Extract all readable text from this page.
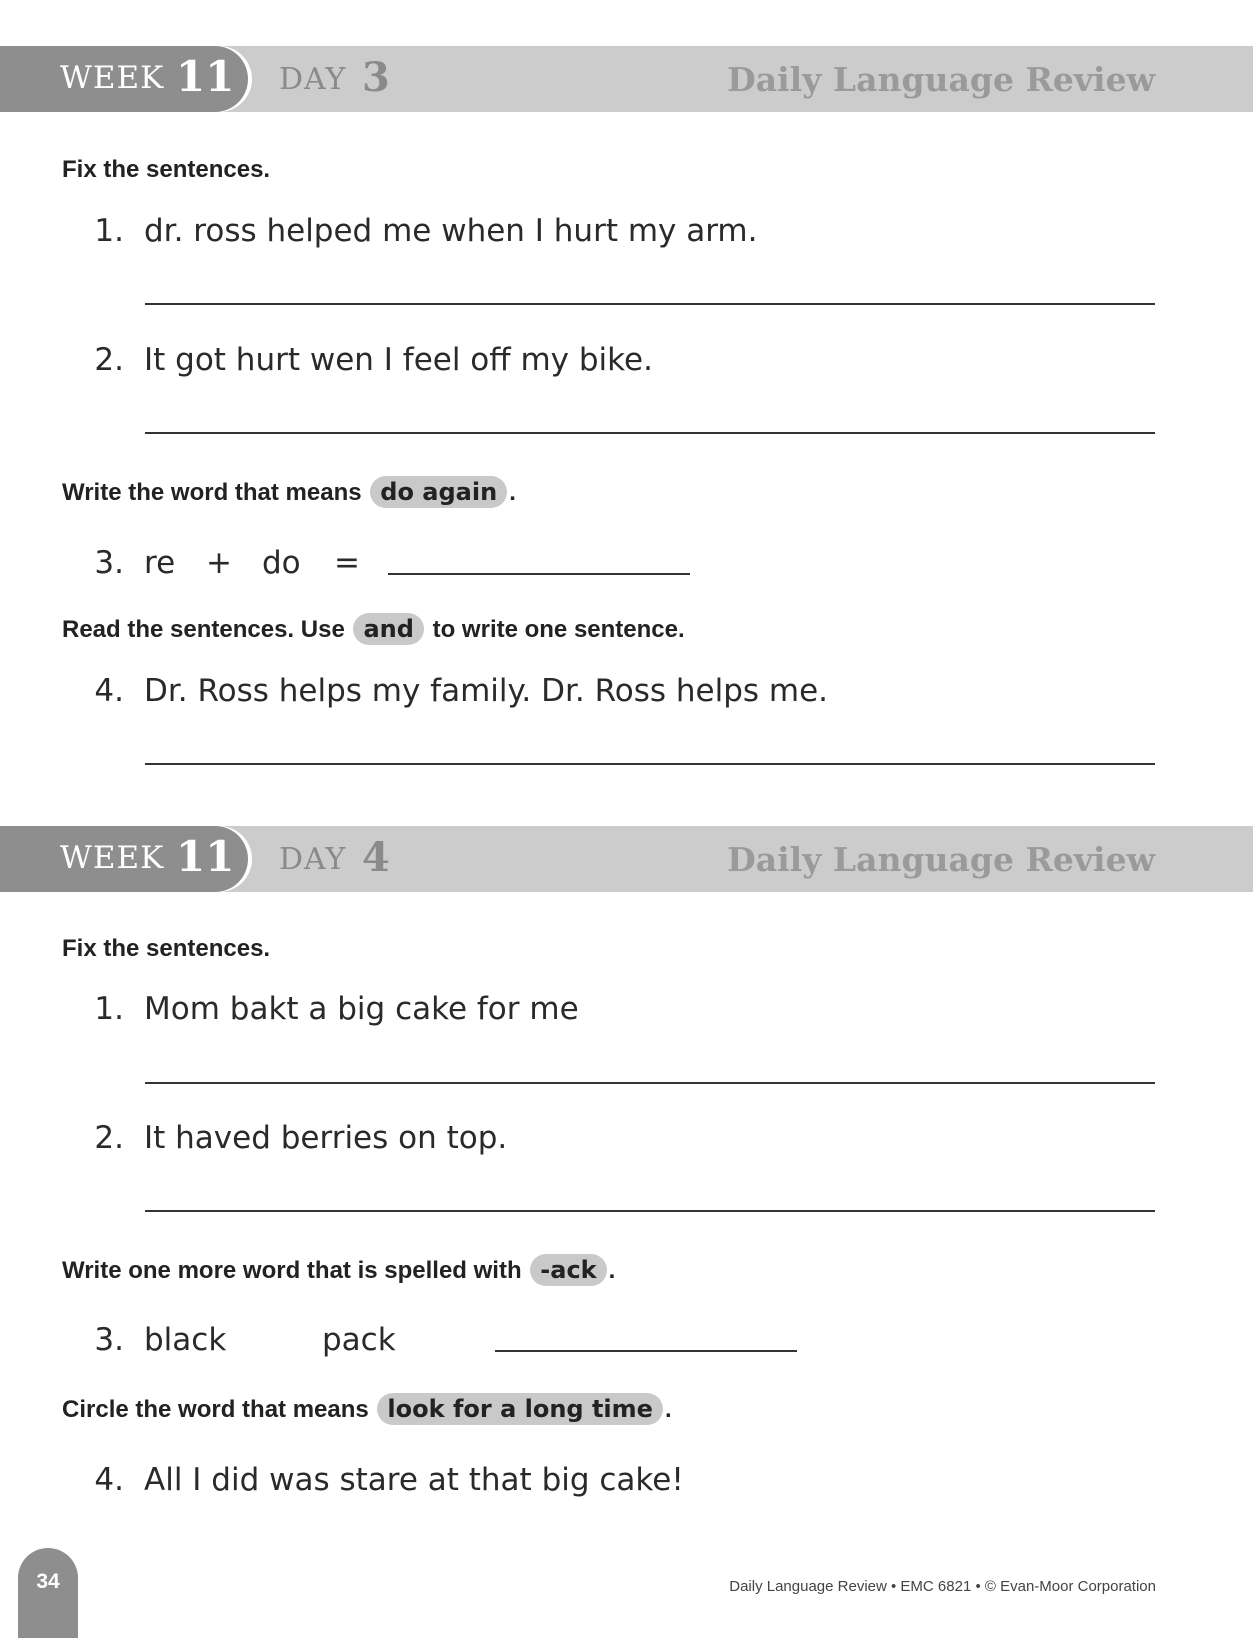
WEEK 11 DAY 3	Daily Language Review
Fix the sentences.
1. dr. ross helped me when I hurt my arm.
2. It got hurt wen I feel off my bike.
Write the word that means do again .
3. re + do =
Read the sentences. Use and to write one sentence.
4. Dr. Ross helps my family. Dr. Ross helps me.
WEEK 11 DAY 4	Daily Language Review
Fix the sentences.
1. Mom bakt a big cake for me
2. It haved berries on top.
Write one more word that is spelled with -ack .
3. black	pack
Circle the word that means look for a long time .
4. All I did was stare at that big cake!
34	Daily Language Review • EMC 6821 • © Evan-Moor Corporation
